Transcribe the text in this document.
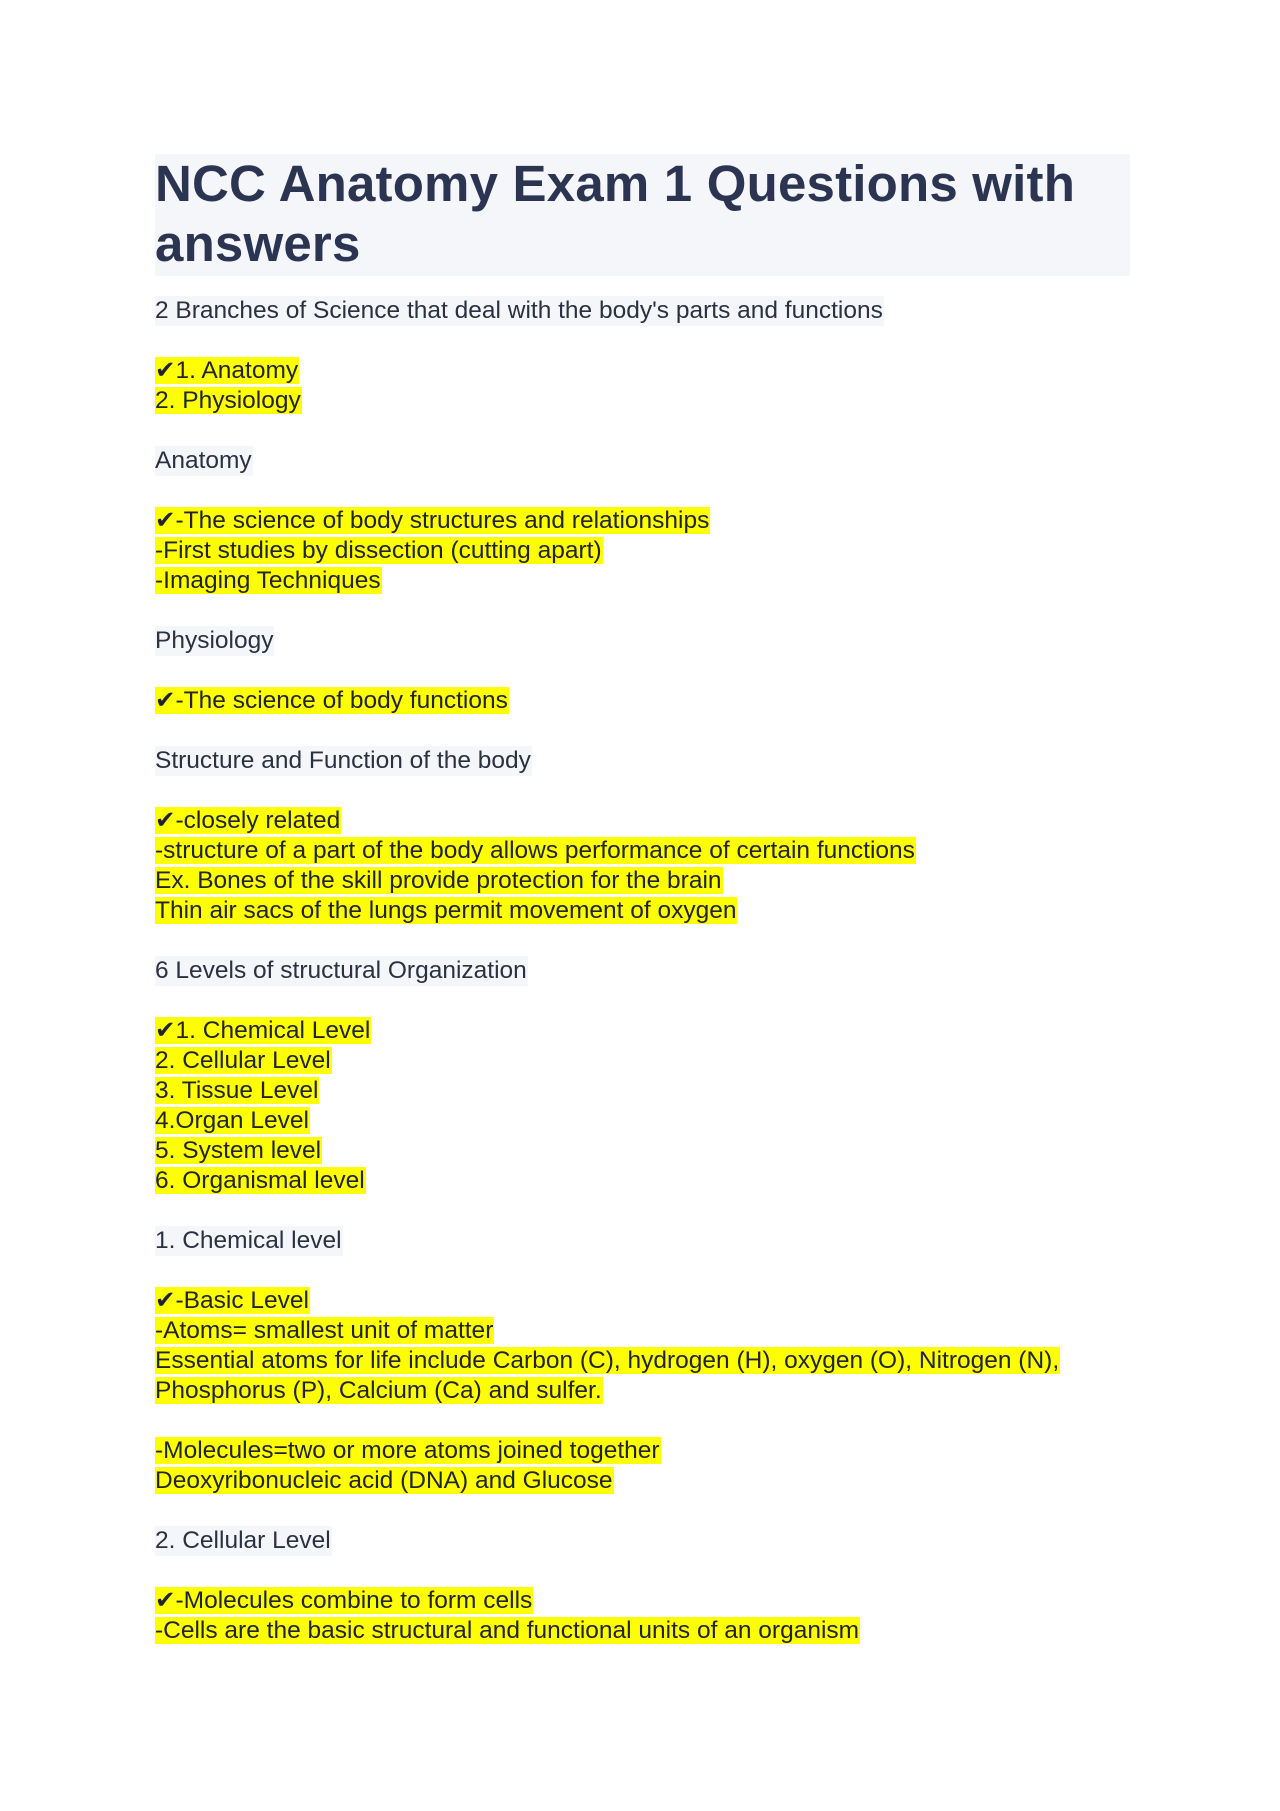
NCC Anatomy Exam 1 Questions with answers
2 Branches of Science that deal with the body's parts and functions
✔1. Anatomy
2. Physiology
Anatomy
✔-The science of body structures and relationships
-First studies by dissection (cutting apart)
-Imaging Techniques
Physiology
✔-The science of body functions
Structure and Function of the body
✔-closely related
-structure of a part of the body allows performance of certain functions
Ex. Bones of the skill provide protection for the brain
Thin air sacs of the lungs permit movement of oxygen
6 Levels of structural Organization
✔1. Chemical Level
2. Cellular Level
3. Tissue Level
4.Organ Level
5. System level
6. Organismal level
1. Chemical level
✔-Basic Level
-Atoms= smallest unit of matter
Essential atoms for life include Carbon (C), hydrogen (H), oxygen (O), Nitrogen (N),
Phosphorus (P), Calcium (Ca) and sulfer.
-Molecules=two or more atoms joined together
Deoxyribonucleic acid (DNA) and Glucose
2. Cellular Level
✔-Molecules combine to form cells
-Cells are the basic structural and functional units of an organism
